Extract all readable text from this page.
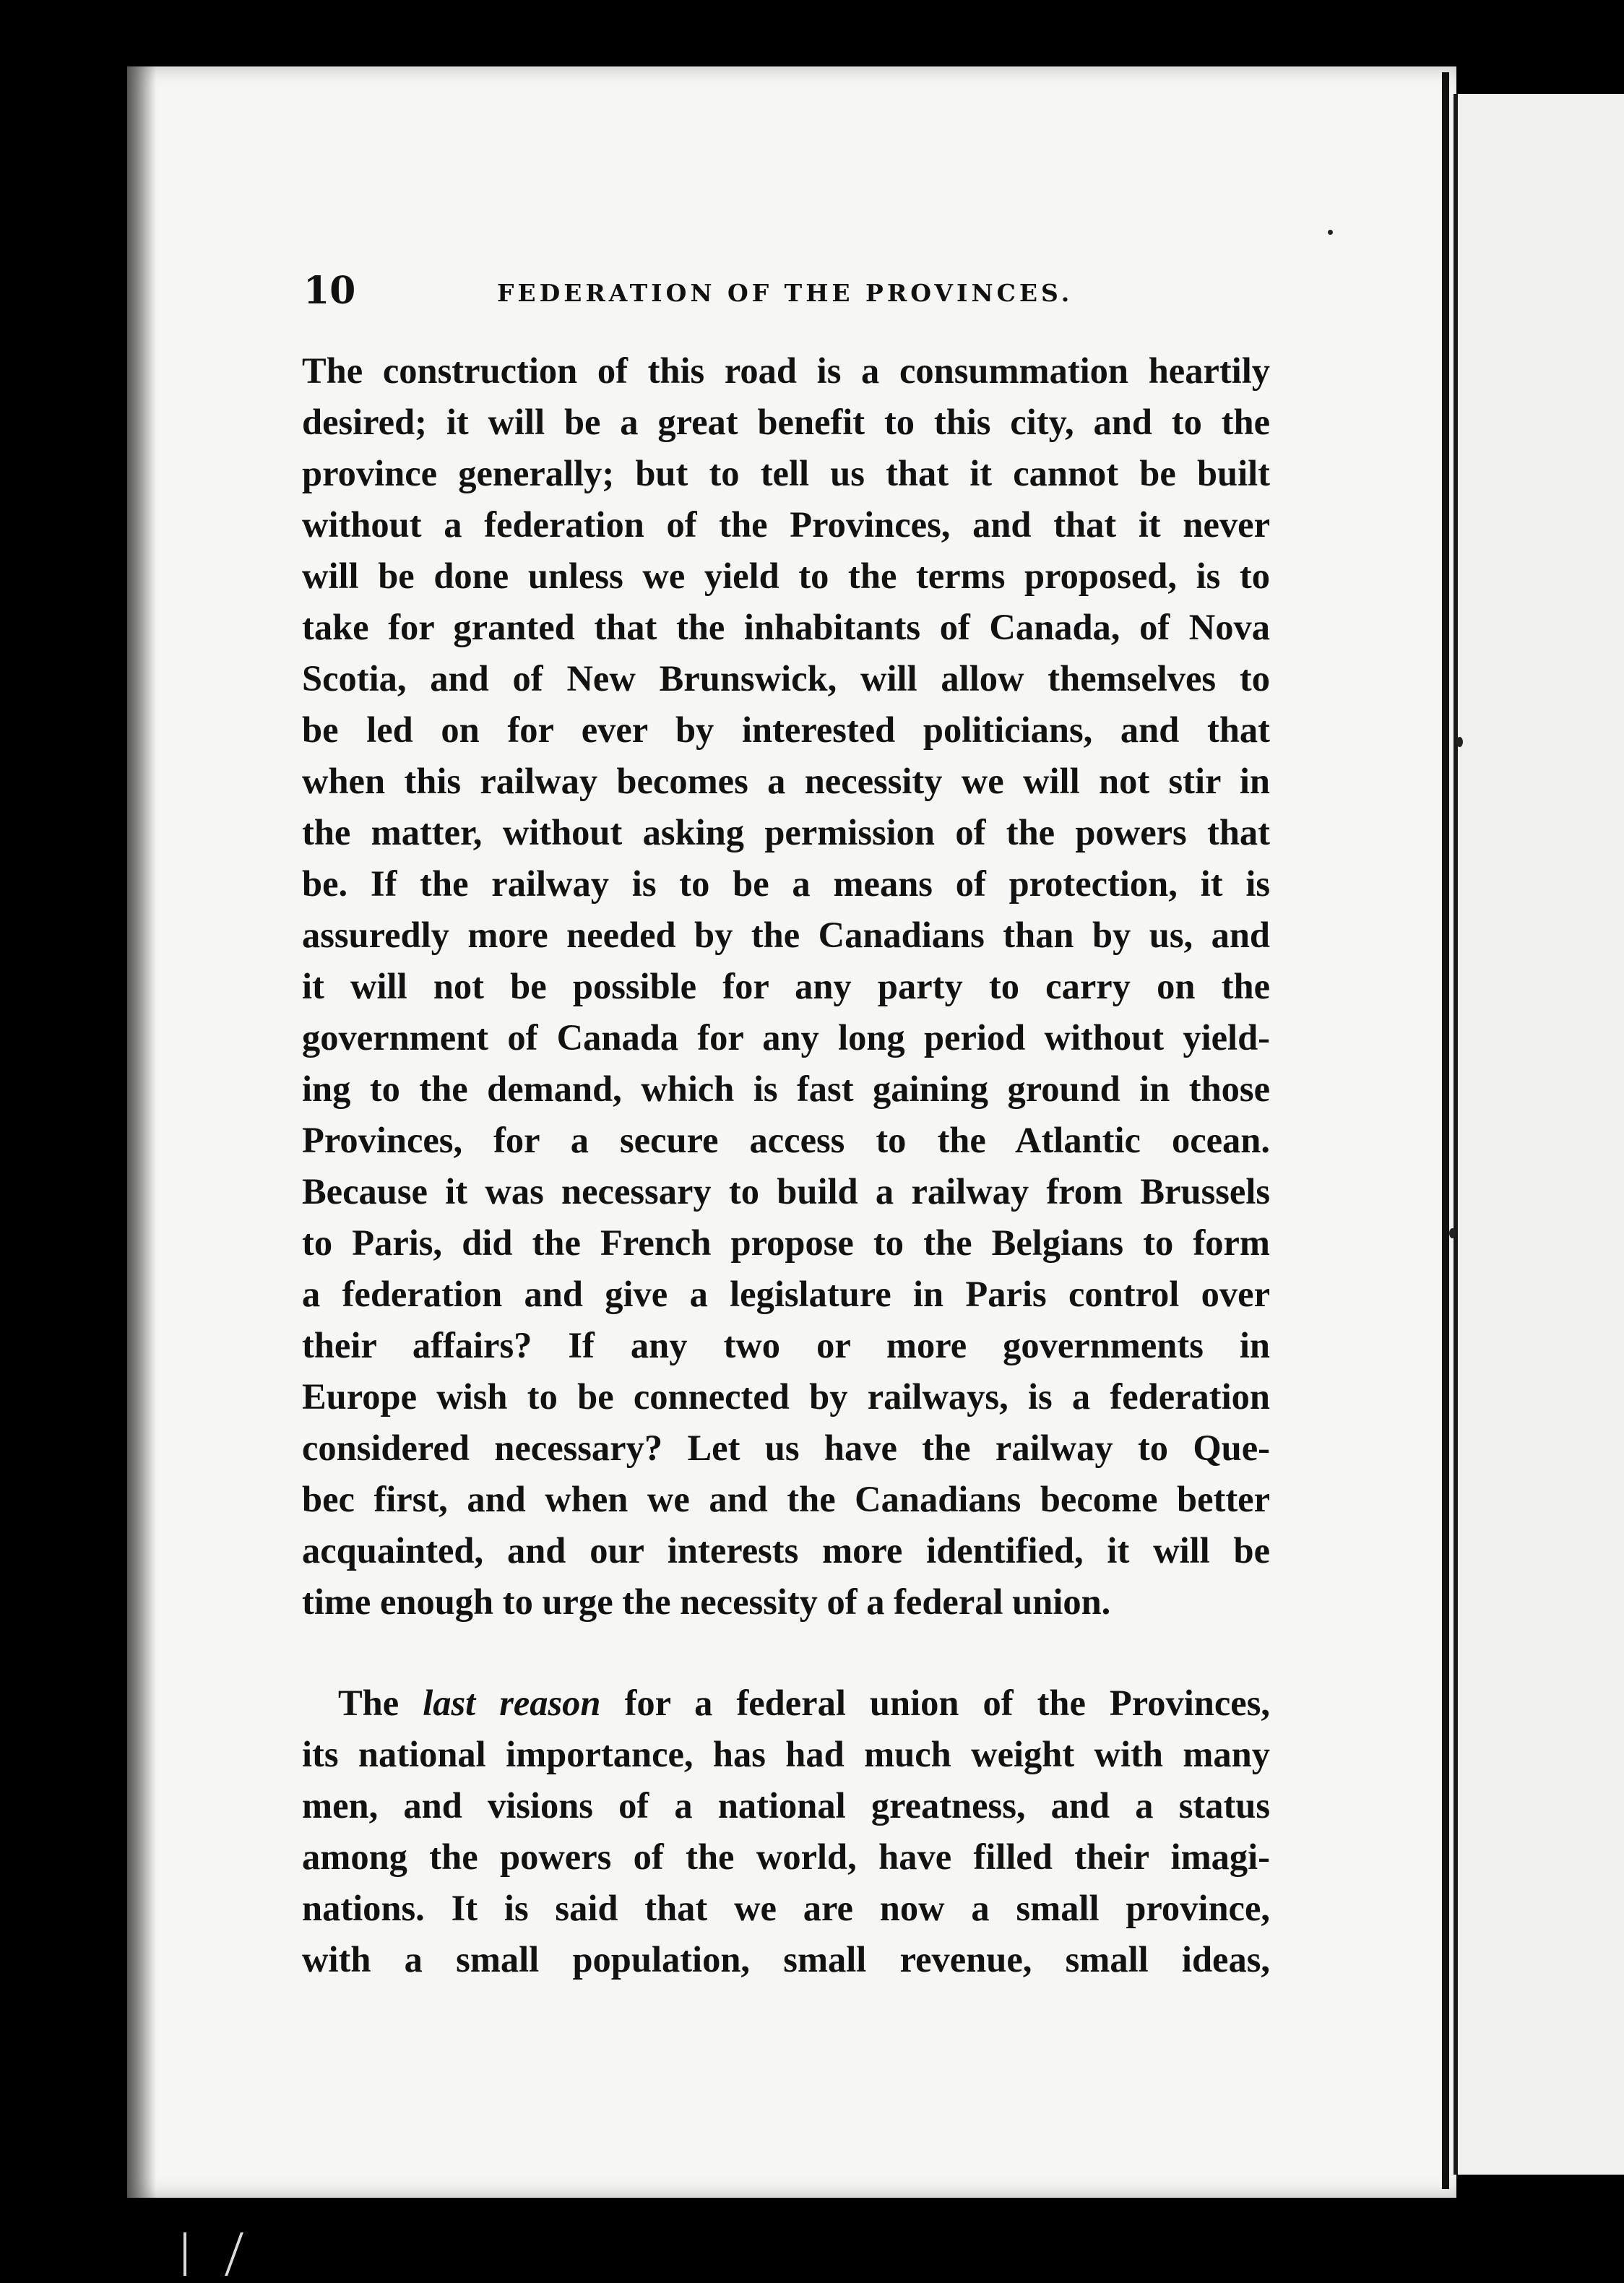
10	FEDERATION OF THE PROVINCES.
The construction of this road is a consummation heartily
desired; it will be a great benefit to this city, and to the
province generally; but to tell us that it cannot be built
without a federation of the Provinces, and that it never
will be done unless we yield to the terms proposed, is to
take for granted that the inhabitants of Canada, of Nova
Scotia, and of New Brunswick, will allow themselves to
be led on for ever by interested politicians, and that
when this railway becomes a necessity we will not stir in
the matter, without asking permission of the powers that
be. If the railway is to be a means of protection, it is
assuredly more needed by the Canadians than by us, and
it will not be possible for any party to carry on the
government of Canada for any long period without yield-
ing to the demand, which is fast gaining ground in those
Provinces, for a secure access to the Atlantic ocean.
Because it was necessary to build a railway from Brussels
to Paris, did the French propose to the Belgians to form
a federation and give a legislature in Paris control over
their affairs? If any two or more governments in
Europe wish to be connected by railways, is a federation
considered necessary? Let us have the railway to Que-
bec first, and when we and the Canadians become better
acquainted, and our interests more identified, it will be
time enough to urge the necessity of a federal union.
The last reason for a federal union of the Provinces,
its national importance, has had much weight with many
men, and visions of a national greatness, and a status
among the powers of the world, have filled their imagi-
nations. It is said that we are now a small province,
with a small population, small revenue, small ideas,
